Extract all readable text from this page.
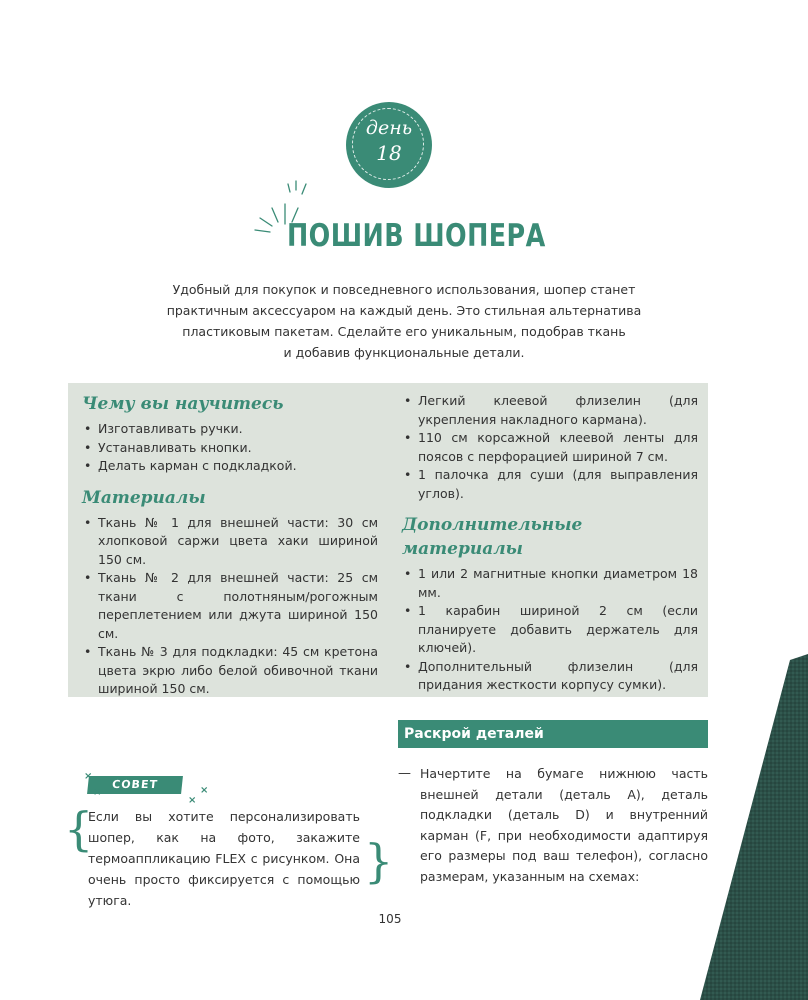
день
18
ПОШИВ ШОПЕРА

Удобный для покупок и повседневного использования, шопер станет

практичным аксессуаром на каждый день. Это стильная альтернатива

пластиковым пакетам. Сделайте его уникальным, подобрав ткань

и добавив функциональные детали.

Чему вы научитесь
• Изготавливать ручки.
• Устанавливать кнопки.
• Делать карман с подкладкой.
Материалы
• Ткань № 1 для внешней части: 30 см хлопковой саржи цвета хаки шириной 150 см.
• Ткань № 2 для внешней части: 25 см ткани с полотняным/рогожным переплетением или джута шириной 150 см.
• Ткань № 3 для подкладки: 45 см кретона цвета экрю либо белой обивочной ткани шириной 150 см.
• Легкий клеевой флизелин (для укрепления накладного кармана).
• 110 см корсажной клеевой ленты для поясов с перфорацией шириной 7 см.
• 1 палочка для суши (для выправления углов).
Дополнительные материалы
• 1 или 2 магнитные кнопки диаметром 18 мм.
• 1 карабин шириной 2 см (если планируете добавить держатель для ключей).
• Дополнительный флизелин (для придания жесткости корпусу сумки).
Раскрой деталей
— Начертите на бумаге нижнюю часть внешней детали (деталь A), деталь подкладки (деталь D) и внутренний карман (F, при необходимости адаптируя его размеры под ваш телефон), согласно размерам, указанным на схемах:
СОВЕТ
×
×	×
×
{
}
Если вы хотите персонализировать шопер, как на фото, закажите термоаппликацию FLEX с рисунком. Она очень просто фиксируется с помощью утюга.
105
